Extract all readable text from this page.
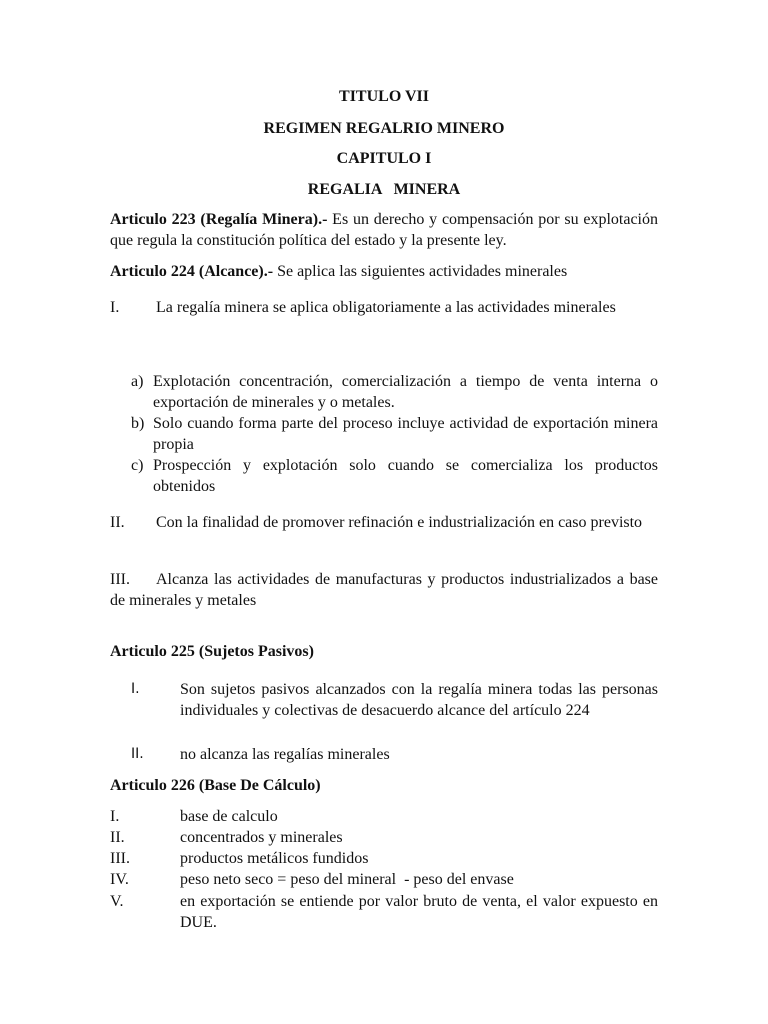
TITULO VII
REGIMEN REGALRIO MINERO
CAPITULO I
REGALIA   MINERA

Articulo 223 (Regalía Minera).- Es un derecho y compensación por su explotación que regula la constitución política del estado y la presente ley.

Articulo 224 (Alcance).- Se aplica las siguientes actividades minerales

I.	La regalía minera se aplica obligatoriamente a las actividades minerales
a) Explotación concentración, comercialización a tiempo de venta interna o exportación de minerales y o metales.
b) Solo cuando forma parte del proceso incluye actividad de exportación minera propia
c) Prospección y explotación solo cuando se comercializa los productos obtenidos
II.	Con la finalidad de promover refinación e industrialización en caso previsto
III.	Alcanza las actividades de manufacturas y productos industrializados a base de minerales y metales
Articulo 225 (Sujetos Pasivos)
I.	Son sujetos pasivos alcanzados con la regalía minera todas las personas individuales y colectivas de desacuerdo alcance del artículo 224
II. no alcanza las regalías minerales
Articulo 226 (Base De Cálculo)
I.	base de calculo
II.	concentrados y minerales
III.	productos metálicos fundidos
IV.	peso neto seco = peso del mineral  - peso del envase
V.	en exportación se entiende por valor bruto de venta, el valor expuesto en DUE.
